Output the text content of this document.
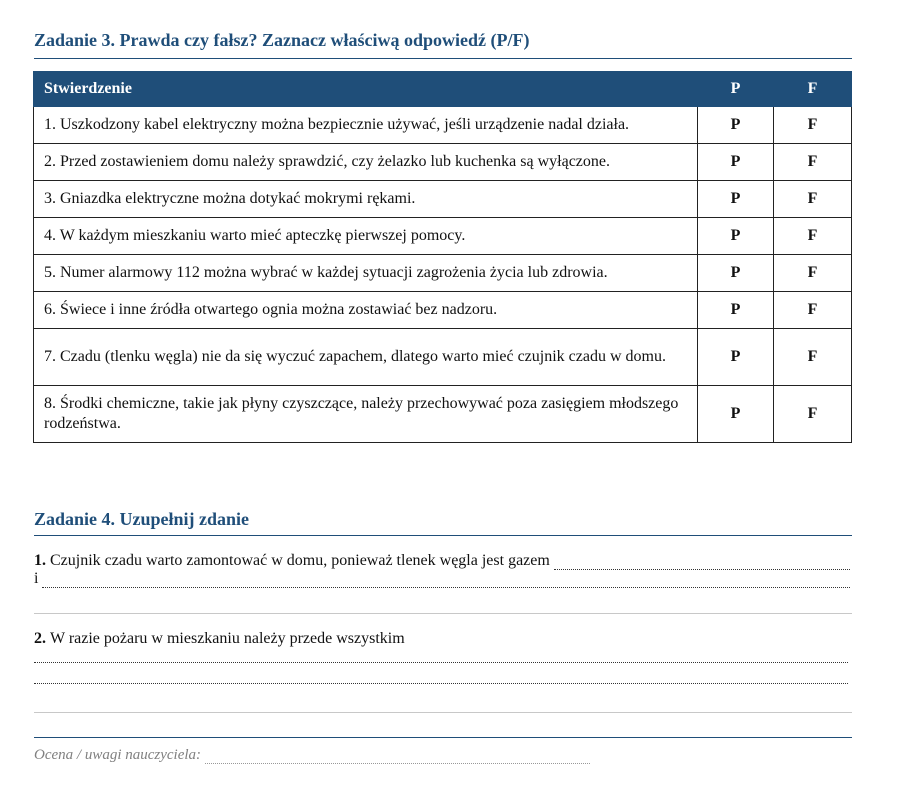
Zadanie 3. Prawda czy fałsz? Zaznacz właściwą odpowiedź (P/F)
Stwierdzenie	P	F
1. Uszkodzony kabel elektryczny można bezpiecznie używać, jeśli urządzenie nadal działa.	P	F
2. Przed zostawieniem domu należy sprawdzić, czy żelazko lub kuchenka są wyłączone.	P	F
3. Gniazdka elektryczne można dotykać mokrymi rękami.	P	F
4. W każdym mieszkaniu warto mieć apteczkę pierwszej pomocy.	P	F
5. Numer alarmowy 112 można wybrać w każdej sytuacji zagrożenia życia lub zdrowia.	P	F
6. Świece i inne źródła otwartego ognia można zostawiać bez nadzoru.	P	F
7. Czadu (tlenku węgla) nie da się wyczuć zapachem, dlatego warto mieć czujnik czadu w domu.	P	F
8. Środki chemiczne, takie jak płyny czyszczące, należy przechowywać poza zasięgiem młodszego rodzeństwa.	P	F
Zadanie 4. Uzupełnij zdanie
1.
Czujnik czadu warto zamontować w domu, ponieważ tlenek węgla jest gazem
i
2. W razie pożaru w mieszkaniu należy przede wszystkim
Ocena / uwagi nauczyciela:
